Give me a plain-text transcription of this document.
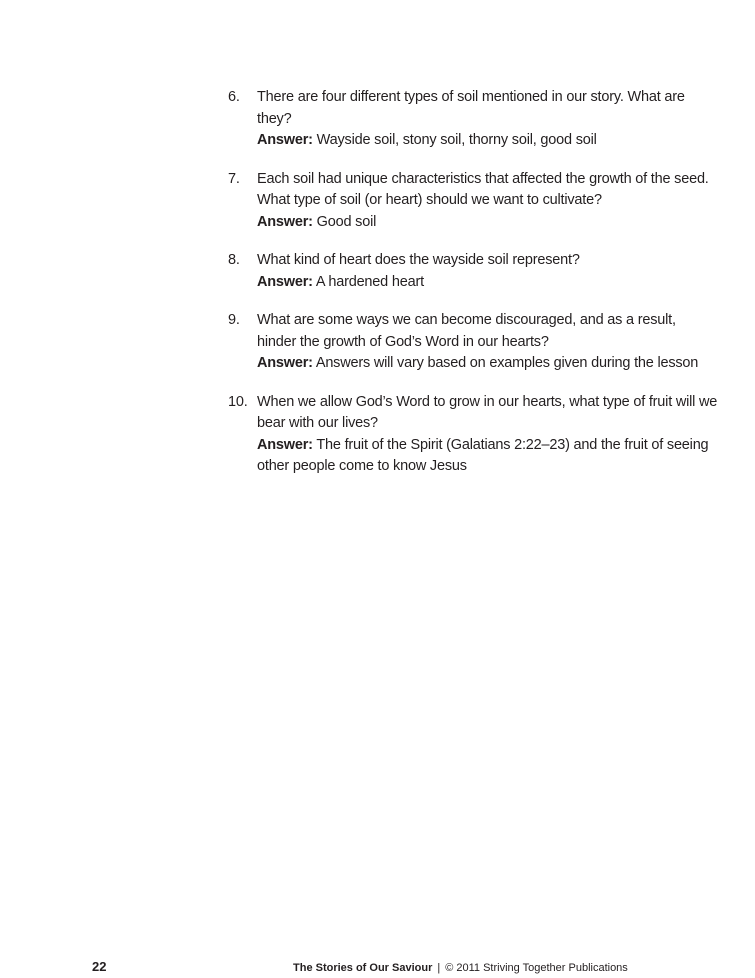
6. There are four different types of soil mentioned in our story. What are they?
Answer: Wayside soil, stony soil, thorny soil, good soil
7. Each soil had unique characteristics that affected the growth of the seed. What type of soil (or heart) should we want to cultivate?
Answer: Good soil
8. What kind of heart does the wayside soil represent?
Answer: A hardened heart
9. What are some ways we can become discouraged, and as a result, hinder the growth of God’s Word in our hearts?
Answer: Answers will vary based on examples given during the lesson
10. When we allow God’s Word to grow in our hearts, what type of fruit will we bear with our lives?
Answer: The fruit of the Spirit (Galatians 2:22–23) and the fruit of seeing other people come to know Jesus
22	The Stories of Our Saviour | © 2011 Striving Together Publications
